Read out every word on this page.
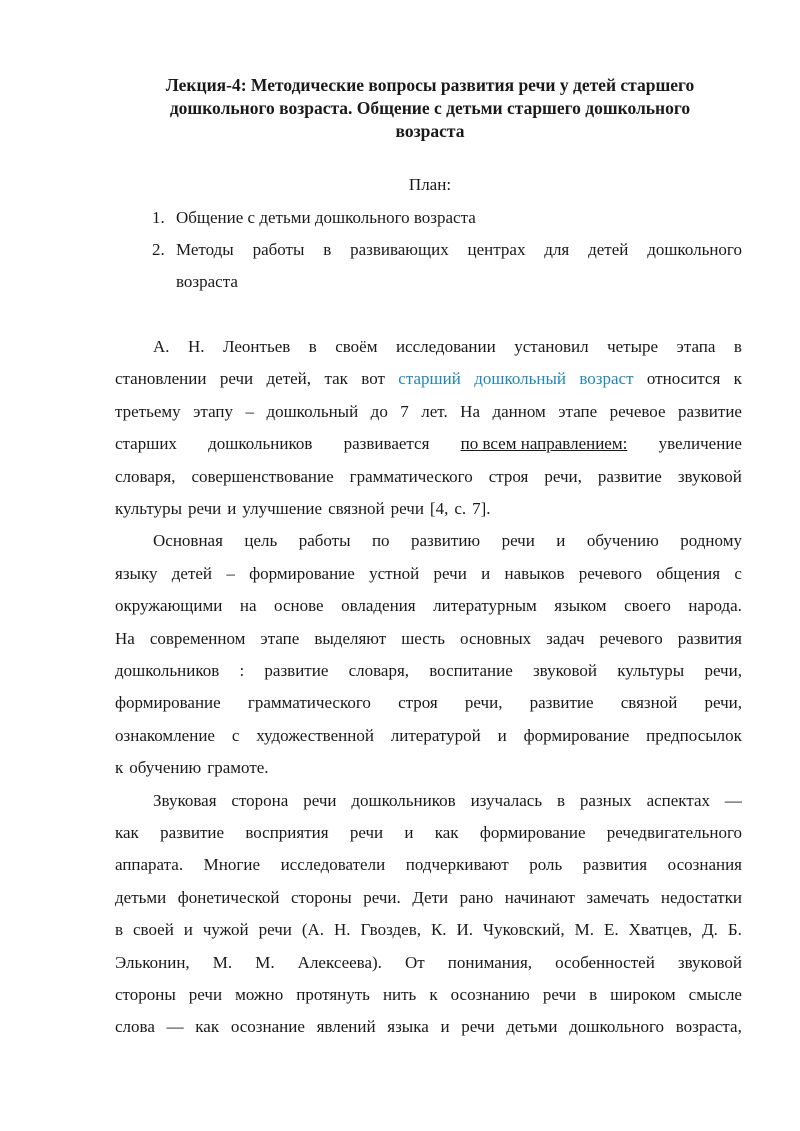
Лекция-4: Методические вопросы развития речи у детей старшего
дошкольного возраста. Общение с детьми старшего дошкольного
возраста
План:
1. Общение с детьми дошкольного возраста
2. Методы работы в развивающих центрах для детей дошкольного
возраста
А. Н. Леонтьев в своём исследовании установил четыре этапа в
становлении речи детей, так вот старший дошкольный возраст относится к
третьему этапу – дошкольный до 7 лет. На данном этапе речевое развитие
старших дошкольников развивается по всем направлением: увеличение
словаря, совершенствование грамматического строя речи, развитие звуковой
культуры речи и улучшение связной речи [4, с. 7].
Основная цель работы по развитию речи и обучению родному
языку детей – формирование устной речи и навыков речевого общения с
окружающими на основе овладения литературным языком своего народа.
На современном этапе выделяют шесть основных задач речевого развития
дошкольников : развитие словаря, воспитание звуковой культуры речи,
формирование грамматического строя речи, развитие связной речи,
ознакомление с художественной литературой и формирование предпосылок
к обучению грамоте.
Звуковая сторона речи дошкольников изучалась в разных аспектах —
как развитие восприятия речи и как формирование речедвигательного
аппарата. Многие исследователи подчеркивают роль развития осознания
детьми фонетической стороны речи. Дети рано начинают замечать недостатки
в своей и чужой речи (А. Н. Гвоздев, К. И. Чуковский, М. Е. Хватцев, Д. Б.
Эльконин, М. М. Алексеева). От понимания, особенностей звуковой
стороны речи можно протянуть нить к осознанию речи в широком смысле
слова — как осознание явлений языка и речи детьми дошкольного возраста,
